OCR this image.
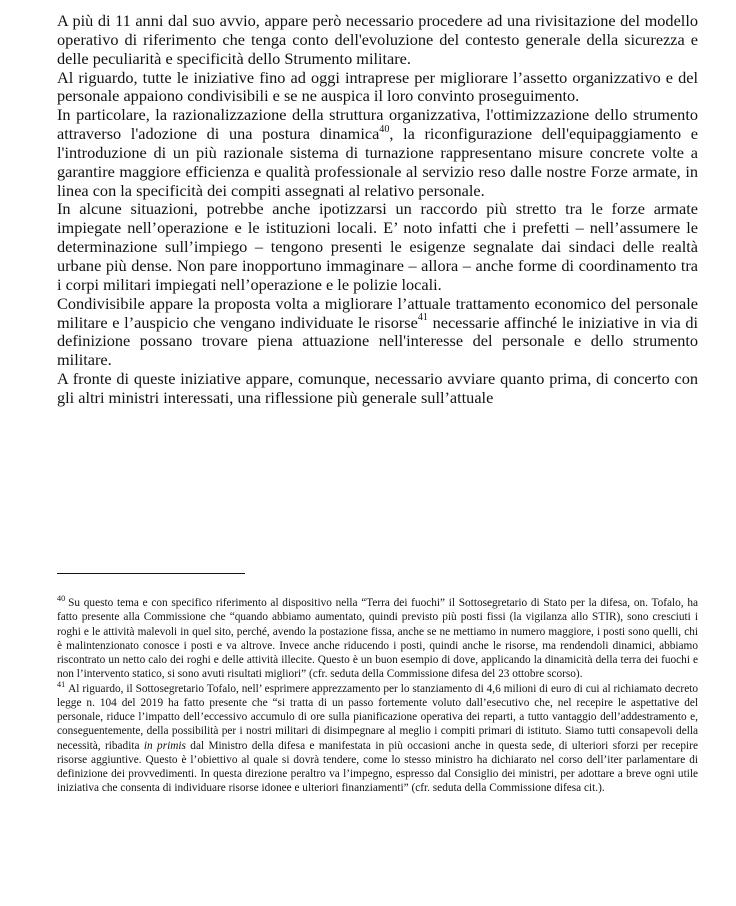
A più di 11 anni dal suo avvio, appare però necessario procedere ad una rivisitazione del modello operativo di riferimento che tenga conto dell'evoluzione del contesto generale della sicurezza e delle peculiarità e specificità dello Strumento militare.

Al riguardo, tutte le iniziative fino ad oggi intraprese per migliorare l’assetto organizzativo e del personale appaiono condivisibili e se ne auspica il loro convinto proseguimento.

In particolare, la razionalizzazione della struttura organizzativa, l'ottimizzazione dello strumento attraverso l'adozione di una postura dinamica$^{40}$, la riconfigurazione dell'equipaggiamento e l'introduzione di un più razionale sistema di turnazione rappresentano misure concrete volte a garantire maggiore efficienza e qualità professionale al servizio reso dalle nostre Forze armate, in linea con la specificità dei compiti assegnati al relativo personale.

In alcune situazioni, potrebbe anche ipotizzarsi un raccordo più stretto tra le forze armate impiegate nell’operazione e le istituzioni locali. E’ noto infatti che i prefetti – nell’assumere le determinazione sull’impiego – tengono presenti le esigenze segnalate dai sindaci delle realtà urbane più dense. Non pare inopportuno immaginare – allora – anche forme di coordinamento tra i corpi militari impiegati nell’operazione e le polizie locali.

Condivisibile appare la proposta volta a migliorare l’attuale trattamento economico del personale militare e l’auspicio che vengano individuate le risorse$^{41}$ necessarie affinché le iniziative in via di definizione possano trovare piena attuazione nell'interesse del personale e dello strumento militare.

A fronte di queste iniziative appare, comunque, necessario avviare quanto prima, di concerto con gli altri ministri interessati, una riflessione più generale sull’attuale

$^{40}$ Su questo tema e con specifico riferimento al dispositivo nella “Terra dei fuochi” il Sottosegretario di Stato per la difesa, on. Tofalo, ha fatto presente alla Commissione che “quando abbiamo aumentato, quindi previsto più posti fissi (la vigilanza allo STIR), sono cresciuti i roghi e le attività malevoli in quel sito, perché, avendo la postazione fissa, anche se ne mettiamo in numero maggiore, i posti sono quelli, chi è malintenzionato conosce i posti e va altrove. Invece anche riducendo i posti, quindi anche le risorse, ma rendendoli dinamici, abbiamo riscontrato un netto calo dei roghi e delle attività illecite. Questo è un buon esempio di dove, applicando la dinamicità della terra dei fuochi e non l’intervento statico, si sono avuti risultati migliori” (cfr. seduta della Commissione difesa del 23 ottobre scorso).

$^{41}$ Al riguardo, il Sottosegretario Tofalo, nell’ esprimere apprezzamento per lo stanziamento di 4,6 milioni di euro di cui al richiamato decreto legge n. 104 del 2019 ha fatto presente che “si tratta di un passo fortemente voluto dall’esecutivo che, nel recepire le aspettative del personale, riduce l’impatto dell’eccessivo accumulo di ore sulla pianificazione operativa dei reparti, a tutto vantaggio dell’addestramento e, conseguentemente, della possibilità per i nostri militari di disimpegnare al meglio i compiti primari di istituto. Siamo tutti consapevoli della necessità, ribadita in primis dal Ministro della difesa e manifestata in più occasioni anche in questa sede, di ulteriori sforzi per recepire risorse aggiuntive. Questo è l’obiettivo al quale si dovrà tendere, come lo stesso ministro ha dichiarato nel corso dell’iter parlamentare di definizione dei provvedimenti. In questa direzione peraltro va l’impegno, espresso dal Consiglio dei ministri, per adottare a breve ogni utile iniziativa che consenta di individuare risorse idonee e ulteriori finanziamenti” (cfr. seduta della Commissione difesa cit.).
